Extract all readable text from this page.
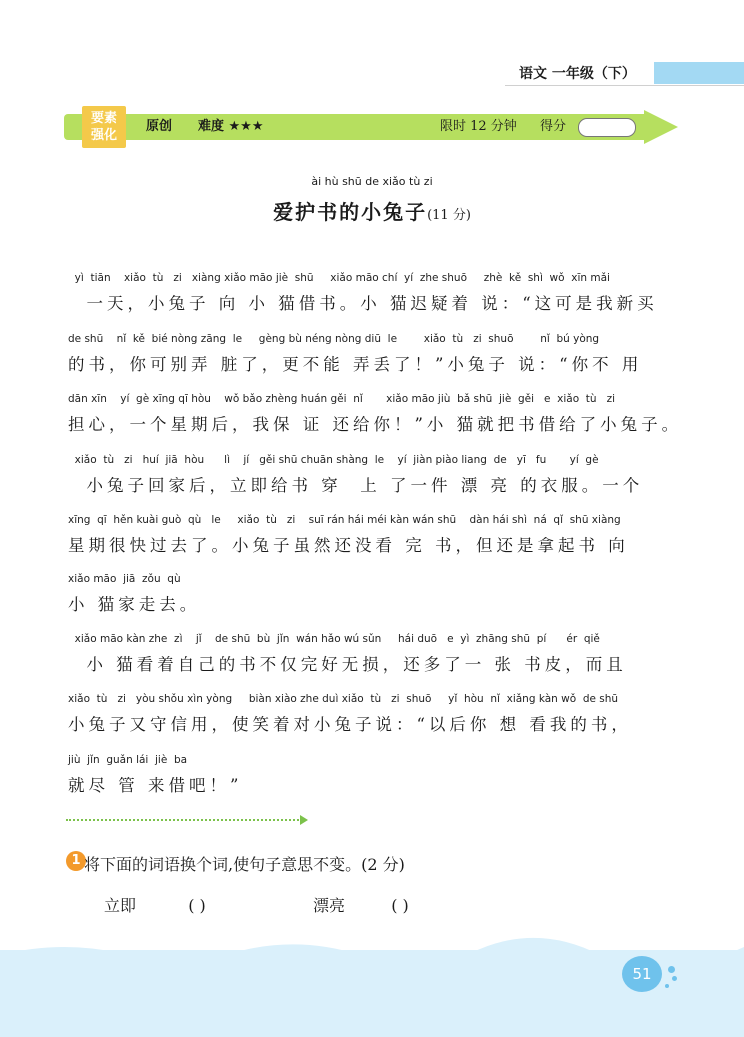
语文 一年级（下）
要素
强化
原创 难度 ★★★	限时 12 分钟 得分
ài hù shū de xiǎo tù zi
爱护书的小兔子(11 分)
yì  tiān    xiǎo  tù   zi   xiàng xiǎo māo jiè  shū     xiǎo māo chí  yí  zhe shuō     zhè  kě  shì  wǒ  xīn mǎi
一天，小兔子 向 小 猫借书。小 猫迟疑着 说：“这可是我新买
de shū    nǐ  kě  bié nòng zāng  le     gèng bù néng nòng diū  le        xiǎo  tù   zi  shuō        nǐ  bú yòng
的书，你可别弄 脏了，更不能 弄丢了！”小兔子 说：“你不 用
dān xīn    yí  gè xīng qī hòu    wǒ bǎo zhèng huán gěi  nǐ       xiǎo māo jiù  bǎ shū  jiè  gěi   e  xiǎo  tù   zi
担心，一个星期后，我保 证 还给你！”小 猫就把书借给了小兔子。
xiǎo  tù   zi   huí  jiā  hòu      lì    jí   gěi shū chuān shàng  le    yí  jiàn piào liang  de   yī   fu       yí  gè
小兔子回家后，立即给书 穿  上 了一件 漂 亮 的衣服。一个
xīng  qī  hěn kuài guò  qù   le     xiǎo  tù   zi    suī rán hái méi kàn wán shū    dàn hái shì  ná  qǐ  shū xiàng
星期很快过去了。小兔子虽然还没看 完 书，但还是拿起书 向
xiǎo māo  jiā  zǒu  qù
小 猫家走去。
xiǎo māo kàn zhe  zì    jǐ    de shū  bù  jǐn  wán hǎo wú sǔn     hái duō   e  yì  zhāng shū  pí      ér  qiě
小 猫看着自己的书不仅完好无损，还多了一 张 书皮，而且
xiǎo  tù   zi   yòu shǒu xìn yòng     biàn xiào zhe duì xiǎo  tù   zi  shuō     yǐ  hòu  nǐ  xiǎng kàn wǒ  de shū
小兔子又守信用，使笑着对小兔子说：“以后你 想 看我的书，
jiù  jǐn  guǎn lái  jiè  ba
就尽 管 来借吧！”
1 将下面的词语换个词,使句子意思不变。(2 分)
立即	( )	漂亮	( )
51
